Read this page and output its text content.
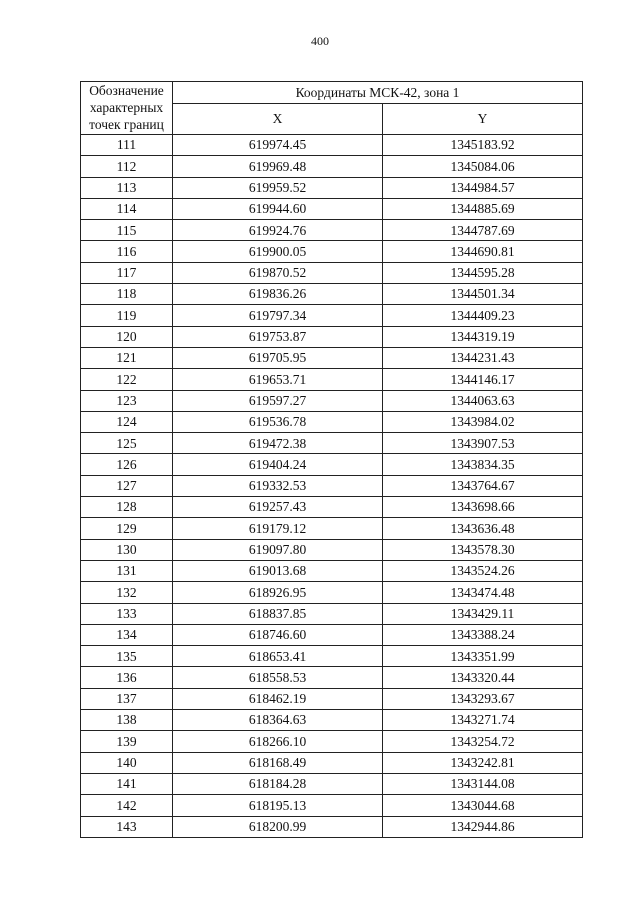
400
Обозначение
характерных
точек границ	Координаты МСК-42, зона 1	
	X	Y
111	619974.45	1345183.92
112	619969.48	1345084.06
113	619959.52	1344984.57
114	619944.60	1344885.69
115	619924.76	1344787.69
116	619900.05	1344690.81
117	619870.52	1344595.28
118	619836.26	1344501.34
119	619797.34	1344409.23
120	619753.87	1344319.19
121	619705.95	1344231.43
122	619653.71	1344146.17
123	619597.27	1344063.63
124	619536.78	1343984.02
125	619472.38	1343907.53
126	619404.24	1343834.35
127	619332.53	1343764.67
128	619257.43	1343698.66
129	619179.12	1343636.48
130	619097.80	1343578.30
131	619013.68	1343524.26
132	618926.95	1343474.48
133	618837.85	1343429.11
134	618746.60	1343388.24
135	618653.41	1343351.99
136	618558.53	1343320.44
137	618462.19	1343293.67
138	618364.63	1343271.74
139	618266.10	1343254.72
140	618168.49	1343242.81
141	618184.28	1343144.08
142	618195.13	1343044.68
143	618200.99	1342944.86
